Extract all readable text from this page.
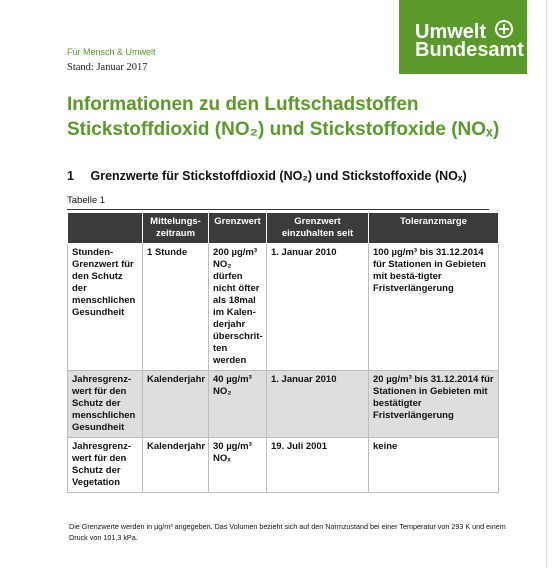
Umwelt
Bundesamt
Für Mensch & Umwelt
Stand: Januar 2017
Informationen zu den Luftschadstoffen
Stickstoffdioxid (NO₂) und Stickstoffoxide (NOₓ)
1 Grenzwerte für Stickstoffdioxid (NO₂) und Stickstoffoxide (NOₓ)
Tabelle 1
	Mittelungs-zeitraum	Grenzwert	Grenzwert einzuhalten seit	Toleranzmarge
Stunden-Grenzwert für den Schutz der menschlichen Gesundheit	1 Stunde	200 µg/m³ NO₂ dürfen nicht öfter als 18mal im Kalen-derjahr überschrit-ten werden	1. Januar 2010	100 µg/m³ bis 31.12.2014 für Stationen in Gebieten mit bestä-tigter Fristverlängerung
Jahresgrenz-wert für den Schutz der menschlichen Gesundheit	Kalenderjahr	40 µg/m³ NO₂	1. Januar 2010	20 µg/m³ bis 31.12.2014 für Stationen in Gebieten mit bestätigter Fristverlängerung
Jahresgrenz-wert für den Schutz der Vegetation	Kalenderjahr	30 µg/m³ NOₓ	19. Juli 2001	keine
Die Grenzwerte werden in µg/m³ angegeben. Das Volumen bezieht sich auf den Normzustand bei einer Temperatur von 293 K und einem Druck von 101,3 kPa.
